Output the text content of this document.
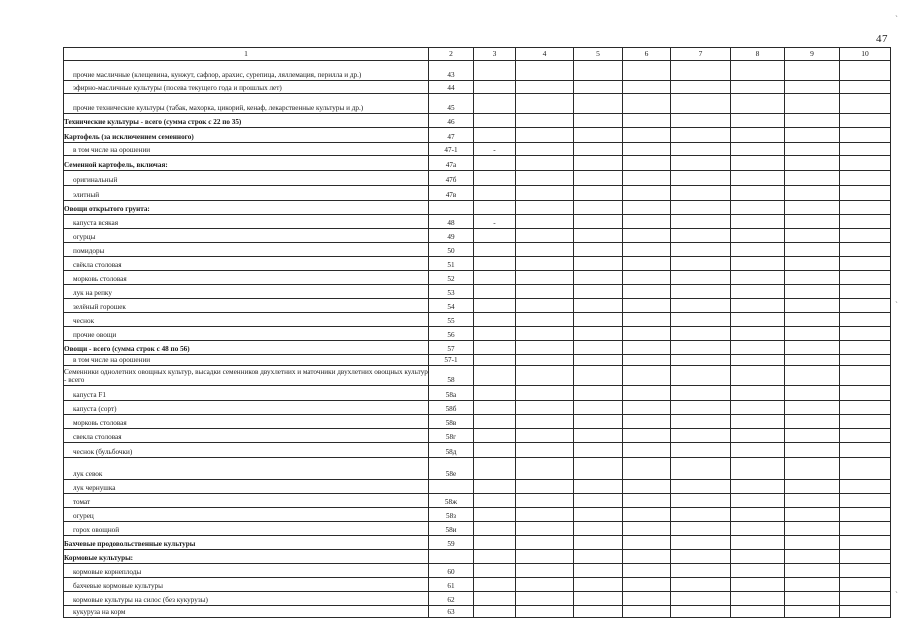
47
`
`
`
1	2	3	4	5	6	7	8	9	10

прочие масличные (клещевина, кунжут, сафлор, арахис, сурепица, ляллемация, перилла и др.)	43								

эфирно-масличные культуры (посева текущего года и прошлых лет)	44								

прочие технические культуры (табак, махорка, цикорий, кенаф, лекарственные культуры и др.)	45								

Технические культуры - всего (сумма строк с 22 по 35)	46								

Картофель (за исключением семенного)	47								

в том числе на орошении	47-1	-							

Семенной картофель, включая:	47а								

оригинальный	47б								

элитный	47в								

Овощи открытого грунта:									

капуста всякая	48	-							

огурцы	49								

помидоры	50								

свёкла столовая	51								

морковь столовая	52								

лук на репку	53								

зелёный горошек	54								

чеснок	55								

прочие овощи	56								

Овощи - всего (сумма строк с 48 по 56)	57								

в том числе на орошении	57-1								

Семенники однолетних овощных культур, высадки семенников двухлетних и маточники двухлетних овощных культур - всего	58								

капуста F1	58а								

капуста (сорт)	58б								

морковь столовая	58в								

свекла столовая	58г								

чеснок (бульбочки)	58д								

лук севок	58е								

лук чернушка									

томат	58ж								

огурец	58з								

горох овощной	58и								

Бахчевые продовольственные культуры	59								

Кормовые культуры:									

кормовые корнеплоды	60								

бахчевые кормовые культуры	61								

кормовые культуры на силос (без кукурузы)	62								

кукуруза на корм	63								
